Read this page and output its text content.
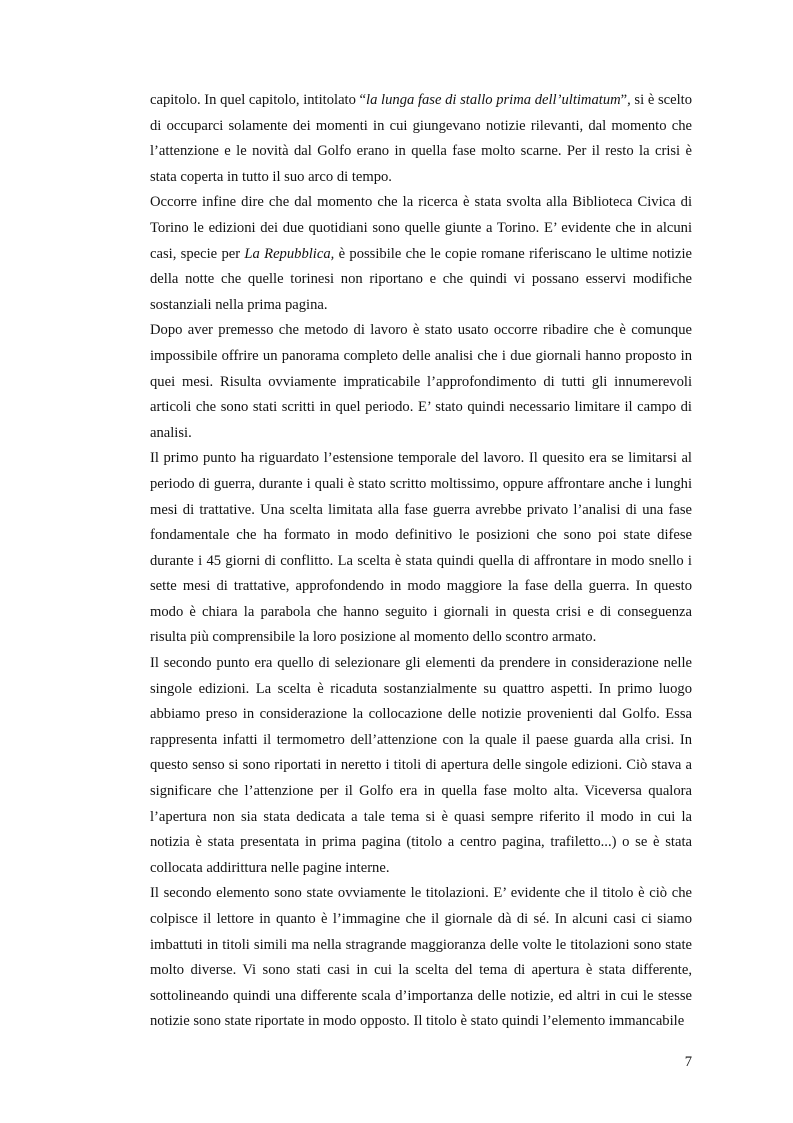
capitolo. In quel capitolo, intitolato “la lunga fase di stallo prima dell’ultimatum”, si è scelto di occuparci solamente dei momenti in cui giungevano notizie rilevanti, dal momento che l’attenzione e le novità dal Golfo erano in quella fase molto scarne. Per il resto la crisi è stata coperta in tutto il suo arco di tempo.

Occorre infine dire che dal momento che la ricerca è stata svolta alla Biblioteca Civica di Torino le edizioni dei due quotidiani sono quelle giunte a Torino. E’ evidente che in alcuni casi, specie per La Repubblica, è possibile che le copie romane riferiscano le ultime notizie della notte che quelle torinesi non riportano e che quindi vi possano esservi modifiche sostanziali nella prima pagina.

Dopo aver premesso che metodo di lavoro è stato usato occorre ribadire che è comunque impossibile offrire un panorama completo delle analisi che i due giornali hanno proposto in quei mesi. Risulta ovviamente impraticabile l’approfondimento di tutti gli innumerevoli articoli che sono stati scritti in quel periodo. E’ stato quindi necessario limitare il campo di analisi.

Il primo punto ha riguardato l’estensione temporale del lavoro. Il quesito era se limitarsi al periodo di guerra, durante i quali è stato scritto moltissimo, oppure affrontare anche i lunghi mesi di trattative. Una scelta limitata alla fase guerra avrebbe privato l’analisi di una fase fondamentale che ha formato in modo definitivo le posizioni che sono poi state difese durante i 45 giorni di conflitto. La scelta è stata quindi quella di affrontare in modo snello i sette mesi di trattative, approfondendo in modo maggiore la fase della guerra. In questo modo è chiara la parabola che hanno seguito i giornali in questa crisi e di conseguenza risulta più comprensibile la loro posizione al momento dello scontro armato.

Il secondo punto era quello di selezionare gli elementi da prendere in considerazione nelle singole edizioni. La scelta è ricaduta sostanzialmente su quattro aspetti. In primo luogo abbiamo preso in considerazione la collocazione delle notizie provenienti dal Golfo. Essa rappresenta infatti il termometro dell’attenzione con la quale il paese guarda alla crisi. In questo senso si sono riportati in neretto i titoli di apertura delle singole edizioni. Ciò stava a significare che l’attenzione per il Golfo era in quella fase molto alta. Viceversa qualora l’apertura non sia stata dedicata a tale tema si è quasi sempre riferito il modo in cui la notizia è stata presentata in prima pagina (titolo a centro pagina, trafiletto...) o se è stata collocata addirittura nelle pagine interne.

Il secondo elemento sono state ovviamente le titolazioni. E’ evidente che il titolo è ciò che colpisce il lettore in quanto è l’immagine che il giornale dà di sé. In alcuni casi ci siamo imbattuti in titoli simili ma nella stragrande maggioranza delle volte le titolazioni sono state molto diverse. Vi sono stati casi in cui la scelta del tema di apertura è stata differente, sottolineando quindi una differente scala d’importanza delle notizie, ed altri in cui le stesse notizie sono state riportate in modo opposto. Il titolo è stato quindi l’elemento immancabile

7
